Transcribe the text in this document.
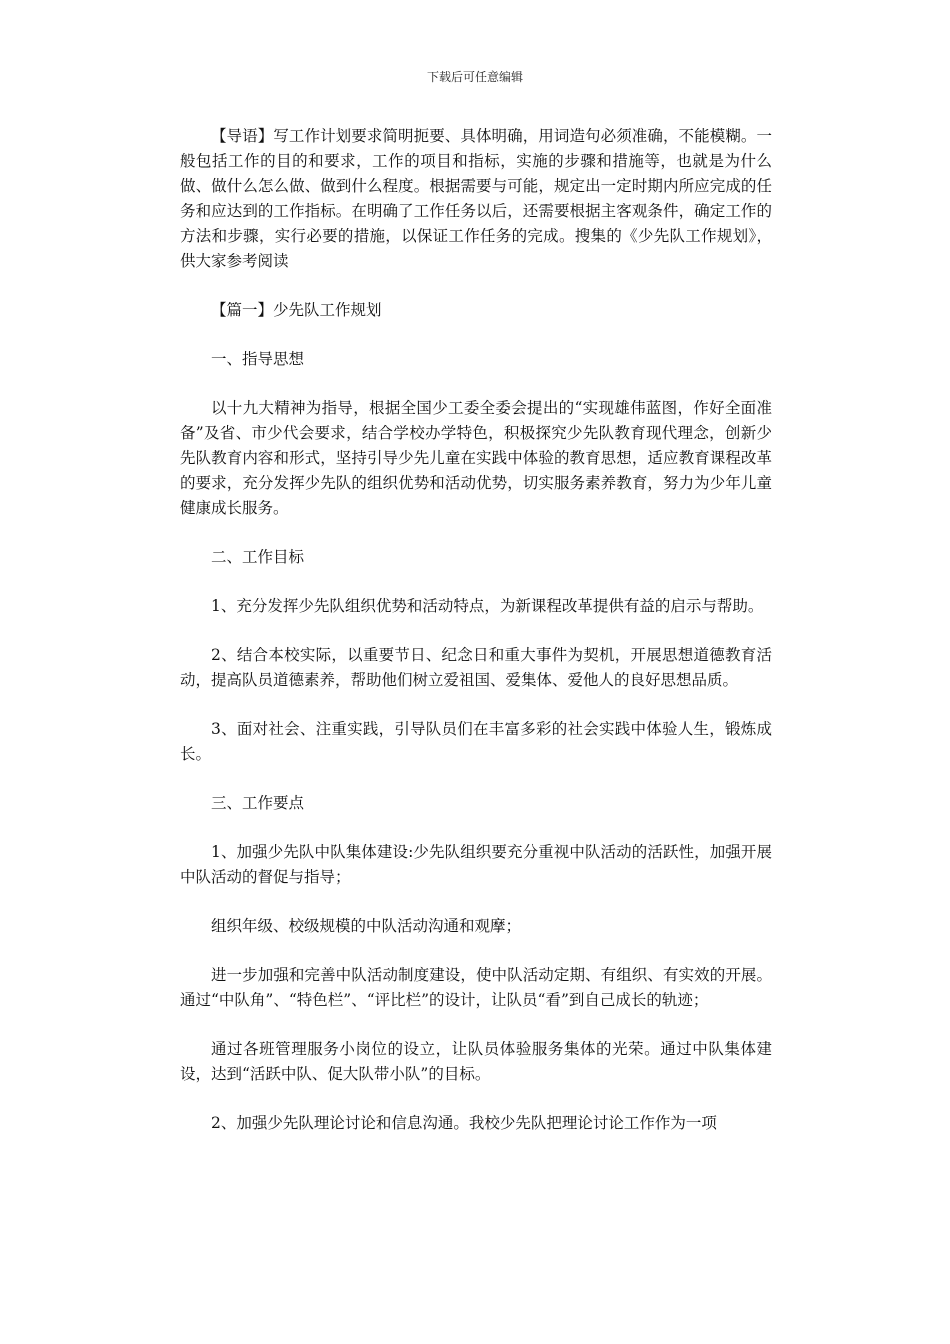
下载后可任意编辑

【导语】写工作计划要求简明扼要、具体明确，用词造句必须准确，不能模糊。一般包括工作的目的和要求，工作的项目和指标，实施的步骤和措施等，也就是为什么做、做什么怎么做、做到什么程度。根据需要与可能，规定出一定时期内所应完成的任务和应达到的工作指标。在明确了工作任务以后，还需要根据主客观条件，确定工作的方法和步骤，实行必要的措施，以保证工作任务的完成。搜集的《少先队工作规划》，供大家参考阅读

【篇一】少先队工作规划

一、指导思想

以十九大精神为指导，根据全国少工委全委会提出的“实现雄伟蓝图，作好全面准备”及省、市少代会要求，结合学校办学特色，积极探究少先队教育现代理念，创新少先队教育内容和形式，坚持引导少先儿童在实践中体验的教育思想，适应教育课程改革的要求，充分发挥少先队的组织优势和活动优势，切实服务素养教育，努力为少年儿童健康成长服务。

二、工作目标

1、充分发挥少先队组织优势和活动特点，为新课程改革提供有益的启示与帮助。

2、结合本校实际，以重要节日、纪念日和重大事件为契机，开展思想道德教育活动，提高队员道德素养，帮助他们树立爱祖国、爱集体、爱他人的良好思想品质。

3、面对社会、注重实践，引导队员们在丰富多彩的社会实践中体验人生，锻炼成长。

三、工作要点

1、加强少先队中队集体建设:少先队组织要充分重视中队活动的活跃性，加强开展中队活动的督促与指导；

组织年级、校级规模的中队活动沟通和观摩；

进一步加强和完善中队活动制度建设，使中队活动定期、有组织、有实效的开展。通过“中队角”、“特色栏”、“评比栏”的设计，让队员“看”到自己成长的轨迹；

通过各班管理服务小岗位的设立，让队员体验服务集体的光荣。通过中队集体建设，达到“活跃中队、促大队带小队”的目标。

2、加强少先队理论讨论和信息沟通。我校少先队把理论讨论工作作为一项
